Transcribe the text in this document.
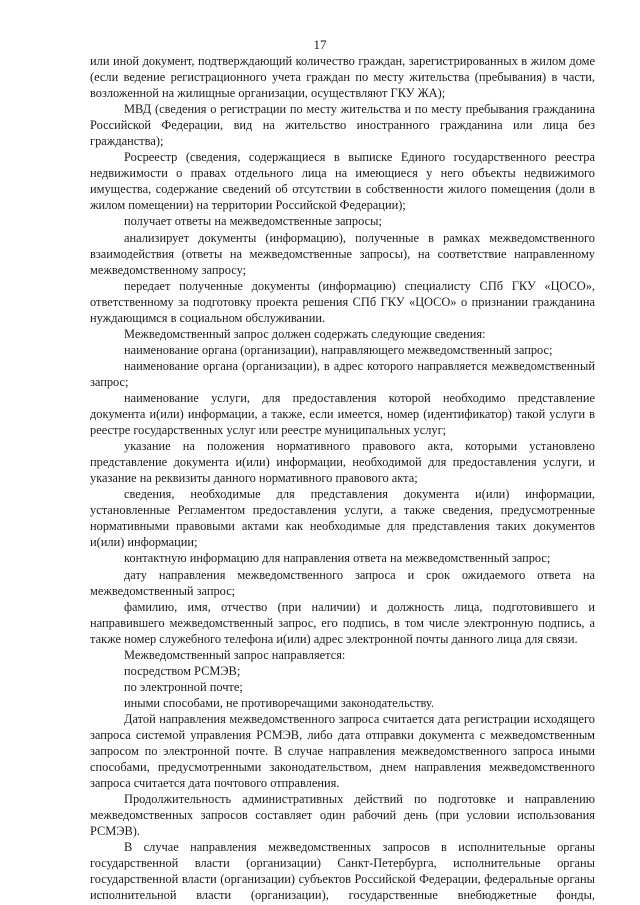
17

или иной документ, подтверждающий количество граждан, зарегистрированных в жилом доме (если ведение регистрационного учета граждан по месту жительства (пребывания) в части, возложенной на жилищные организации, осуществляют ГКУ ЖА);

МВД (сведения о регистрации по месту жительства и по месту пребывания гражданина Российской Федерации, вид на жительство иностранного гражданина или лица без гражданства);

Росреестр (сведения, содержащиеся в выписке Единого государственного реестра недвижимости о правах отдельного лица на имеющиеся у него объекты недвижимого имущества, содержание сведений об отсутствии в собственности жилого помещения (доли в жилом помещении) на территории Российской Федерации);

получает ответы на межведомственные запросы;

анализирует документы (информацию), полученные в рамках межведомственного взаимодействия (ответы на межведомственные запросы), на соответствие направленному межведомственному запросу;

передает полученные документы (информацию) специалисту СПб ГКУ «ЦОСО», ответственному за подготовку проекта решения СПб ГКУ «ЦОСО» о признании гражданина нуждающимся в социальном обслуживании.

Межведомственный запрос должен содержать следующие сведения:

наименование органа (организации), направляющего межведомственный запрос;

наименование органа (организации), в адрес которого направляется межведомственный запрос;

наименование услуги, для предоставления которой необходимо представление документа и(или) информации, а также, если имеется, номер (идентификатор) такой услуги в реестре государственных услуг или реестре муниципальных услуг;

указание на положения нормативного правового акта, которыми установлено представление документа и(или) информации, необходимой для предоставления услуги, и указание на реквизиты данного нормативного правового акта;

сведения, необходимые для представления документа и(или) информации, установленные Регламентом предоставления услуги, а также сведения, предусмотренные нормативными правовыми актами как необходимые для представления таких документов и(или) информации;

контактную информацию для направления ответа на межведомственный запрос;

дату направления межведомственного запроса и срок ожидаемого ответа на межведомственный запрос;

фамилию, имя, отчество (при наличии) и должность лица, подготовившего и направившего межведомственный запрос, его подпись, в том числе электронную подпись, а также номер служебного телефона и(или) адрес электронной почты данного лица для связи.

Межведомственный запрос направляется:

посредством РСМЭВ;

по электронной почте;

иными способами, не противоречащими законодательству.

Датой направления межведомственного запроса считается дата регистрации исходящего запроса системой управления РСМЭВ, либо дата отправки документа с межведомственным запросом по электронной почте. В случае направления межведомственного запроса иными способами, предусмотренными законодательством, днем направления межведомственного запроса считается дата почтового отправления.

Продолжительность административных действий по подготовке и направлению межведомственных запросов составляет один рабочий день (при условии использования РСМЭВ).

В случае направления межведомственных запросов в исполнительные органы государственной власти (организации) Санкт-Петербурга, исполнительные органы государственной власти (организации) субъектов Российской Федерации, федеральные органы исполнительной власти (организации), государственные внебюджетные фонды,
